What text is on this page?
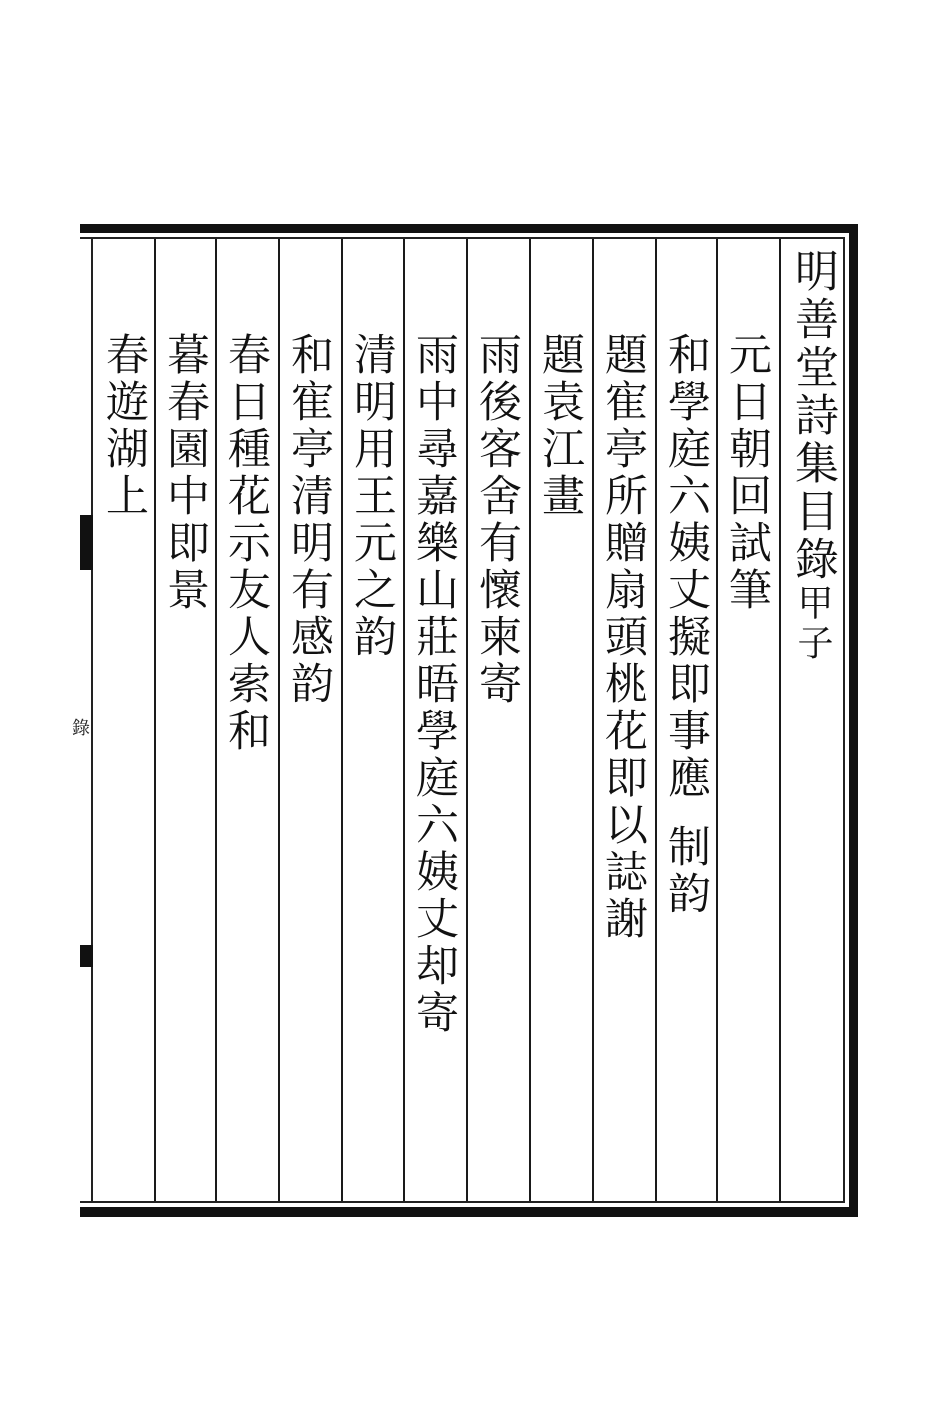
錄
明善堂詩集目錄甲子
元日朝回試筆
和學庭六姨丈擬即事應制韵
題寉亭所贈扇頭桃花即以誌謝
題袁江畫
雨後客舍有懷柬寄
雨中尋嘉樂山莊晤學庭六姨丈却寄
清明用王元之韵
和寉亭清明有感韵
春日種花示友人索和
暮春園中即景
春遊湖上
